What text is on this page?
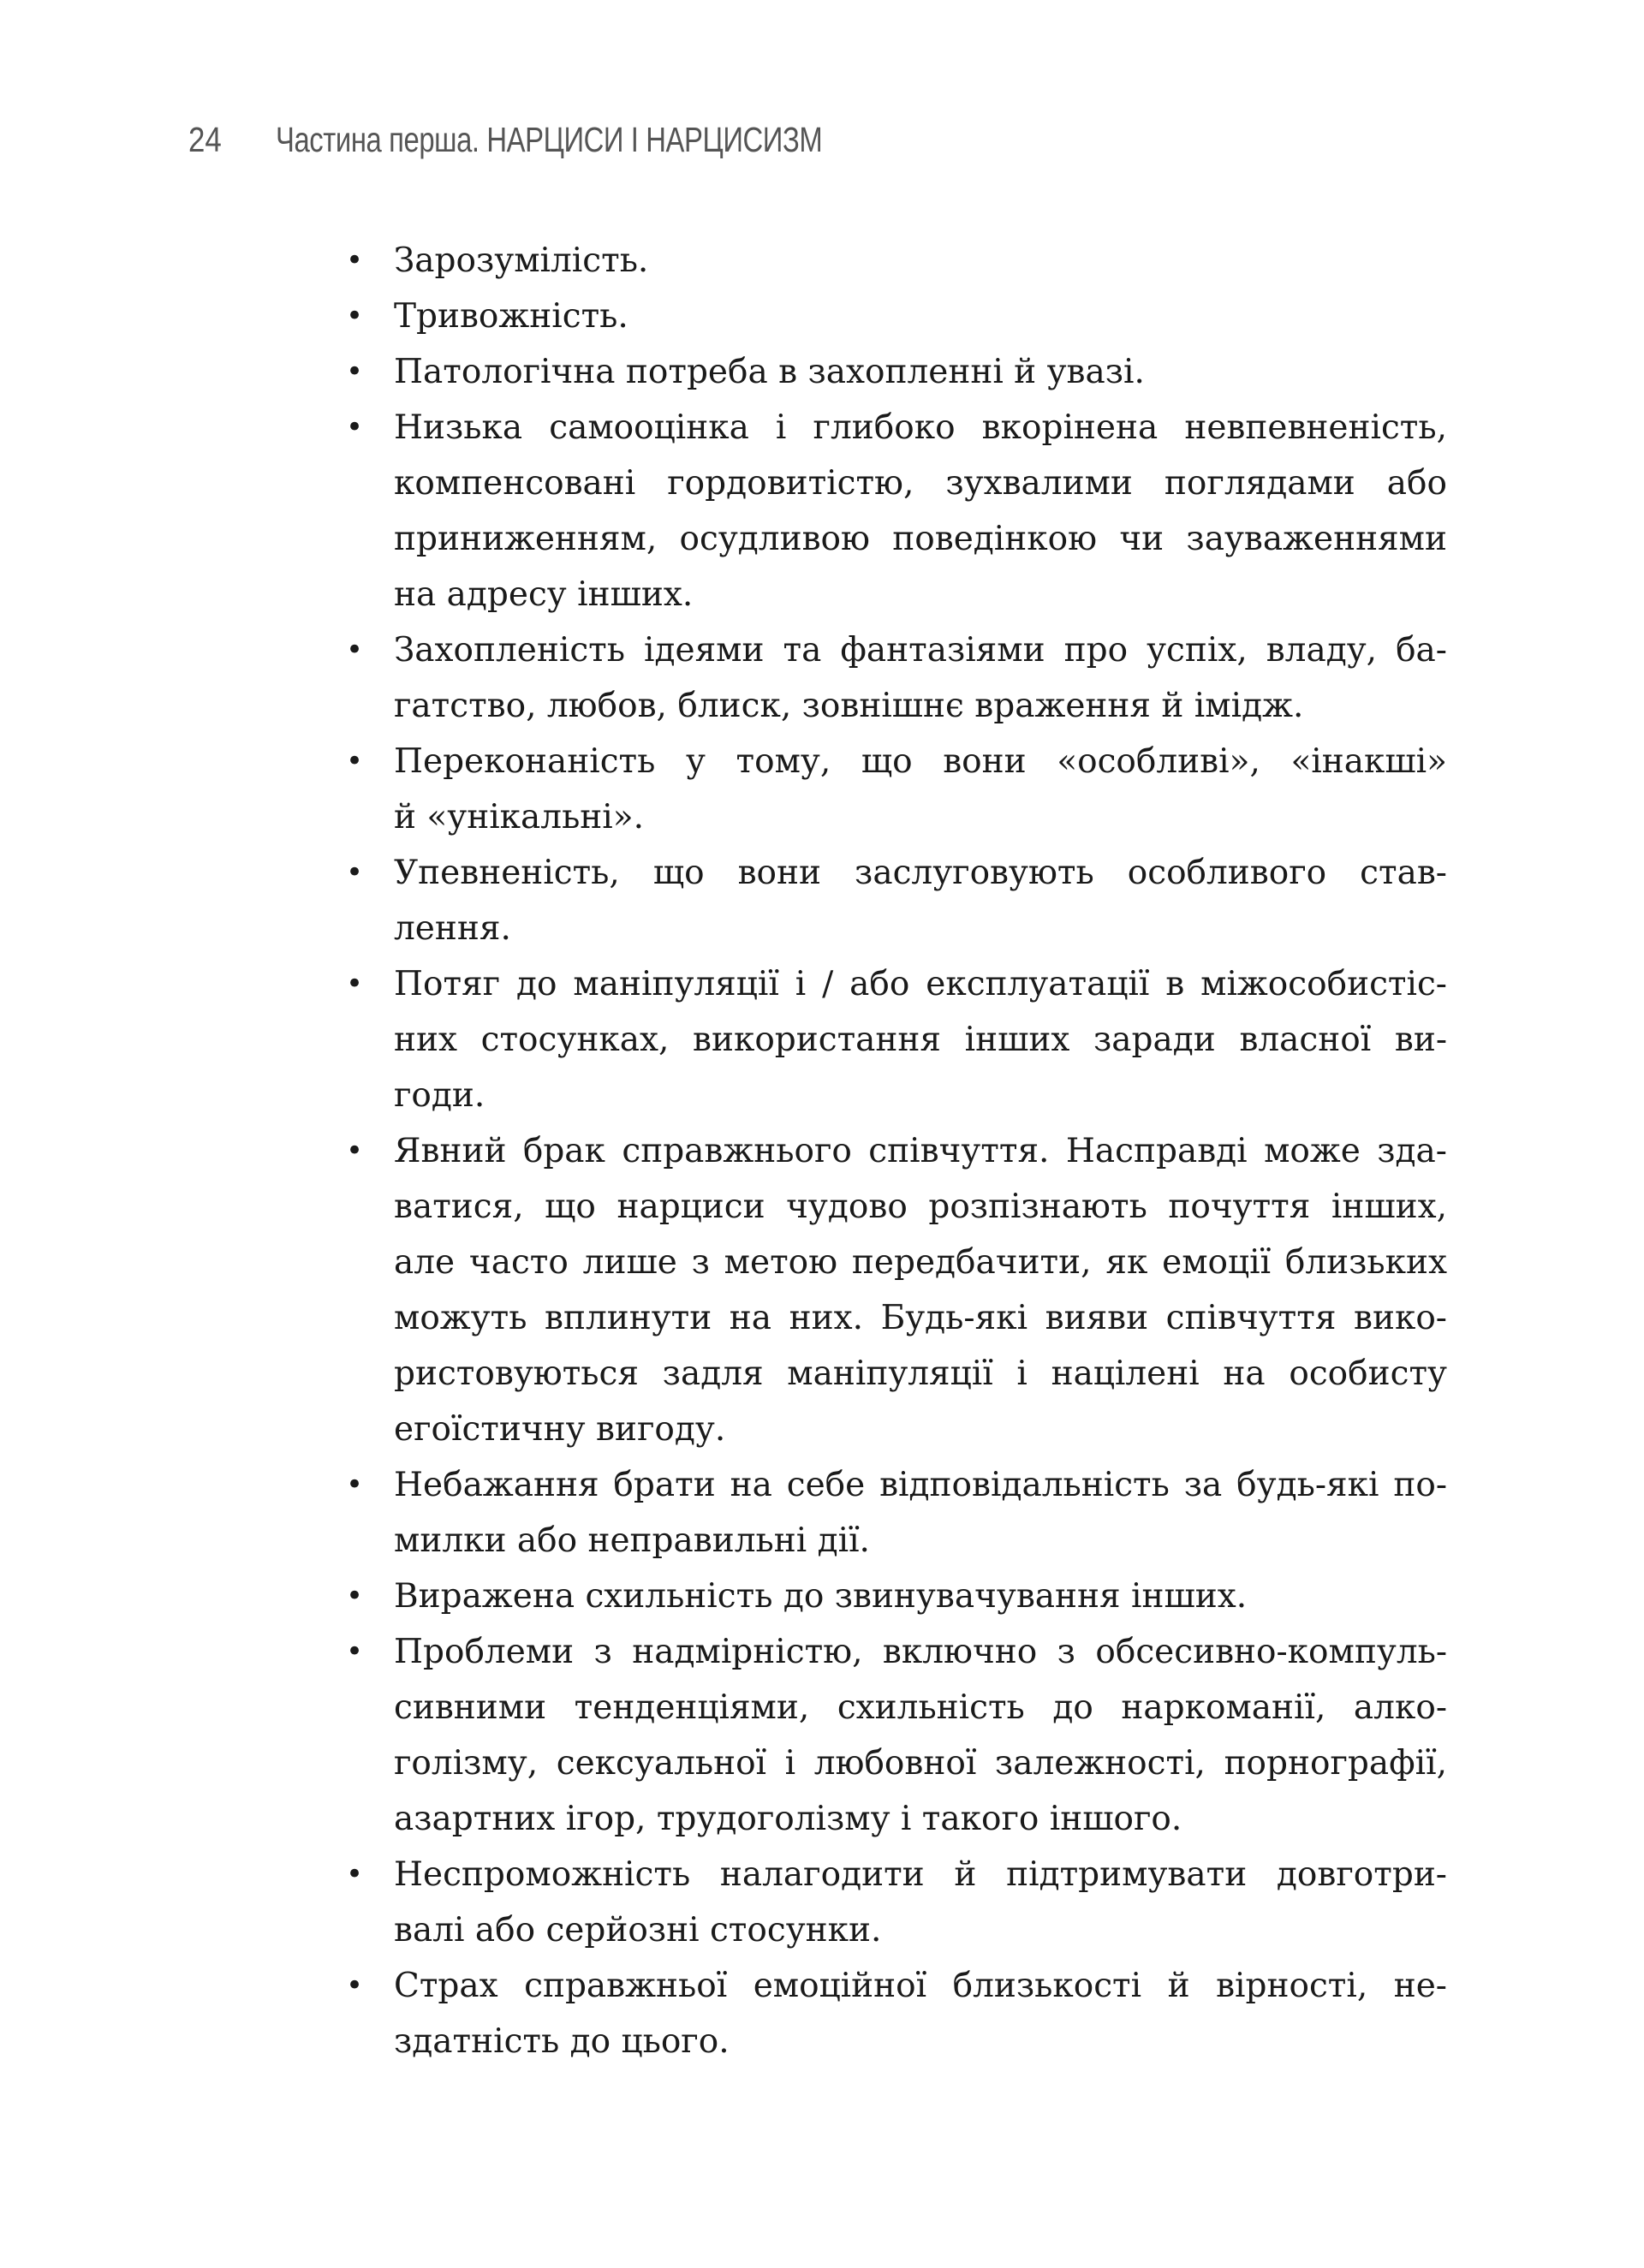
24 Частина перша. НАРЦИСИ І НАРЦИСИЗМ
• Зарозумілість.
• Тривожність.
• Патологічна потреба в захопленні й увазі.
• Низька самооцінка і глибоко вкорінена невпевненість,
компенсовані гордовитістю, зухвалими поглядами або
приниженням, осудливою поведінкою чи зауваженнями
на адресу інших.
• Захопленість ідеями та фантазіями про успіх, владу, ба-
гатство, любов, блиск, зовнішнє враження й імідж.
• Переконаність у тому, що вони «особливі», «інакші»
й «унікальні».
• Упевненість, що вони заслуговують особливого став-
лення.
• Потяг до маніпуляції і / або експлуатації в міжособистіс-
них стосунках, використання інших заради власної ви-
годи.
• Явний брак справжнього співчуття. Насправді може зда-
ватися, що нарциси чудово розпізнають почуття інших,
але часто лише з метою передбачити, як емоції близьких
можуть вплинути на них. Будь-які вияви співчуття вико-
ристовуються задля маніпуляції і націлені на особисту
егоїстичну вигоду.
• Небажання брати на себе відповідальність за будь-які по-
милки або неправильні дії.
• Виражена схильність до звинувачування інших.
• Проблеми з надмірністю, включно з обсесивно-компуль-
сивними тенденціями, схильність до наркоманії, алко-
голізму, сексуальної і любовної залежності, порнографії,
азартних ігор, трудоголізму і такого іншого.
• Неспроможність налагодити й підтримувати довготри-
валі або серйозні стосунки.
• Страх справжньої емоційної близькості й вірності, не-
здатність до цього.
